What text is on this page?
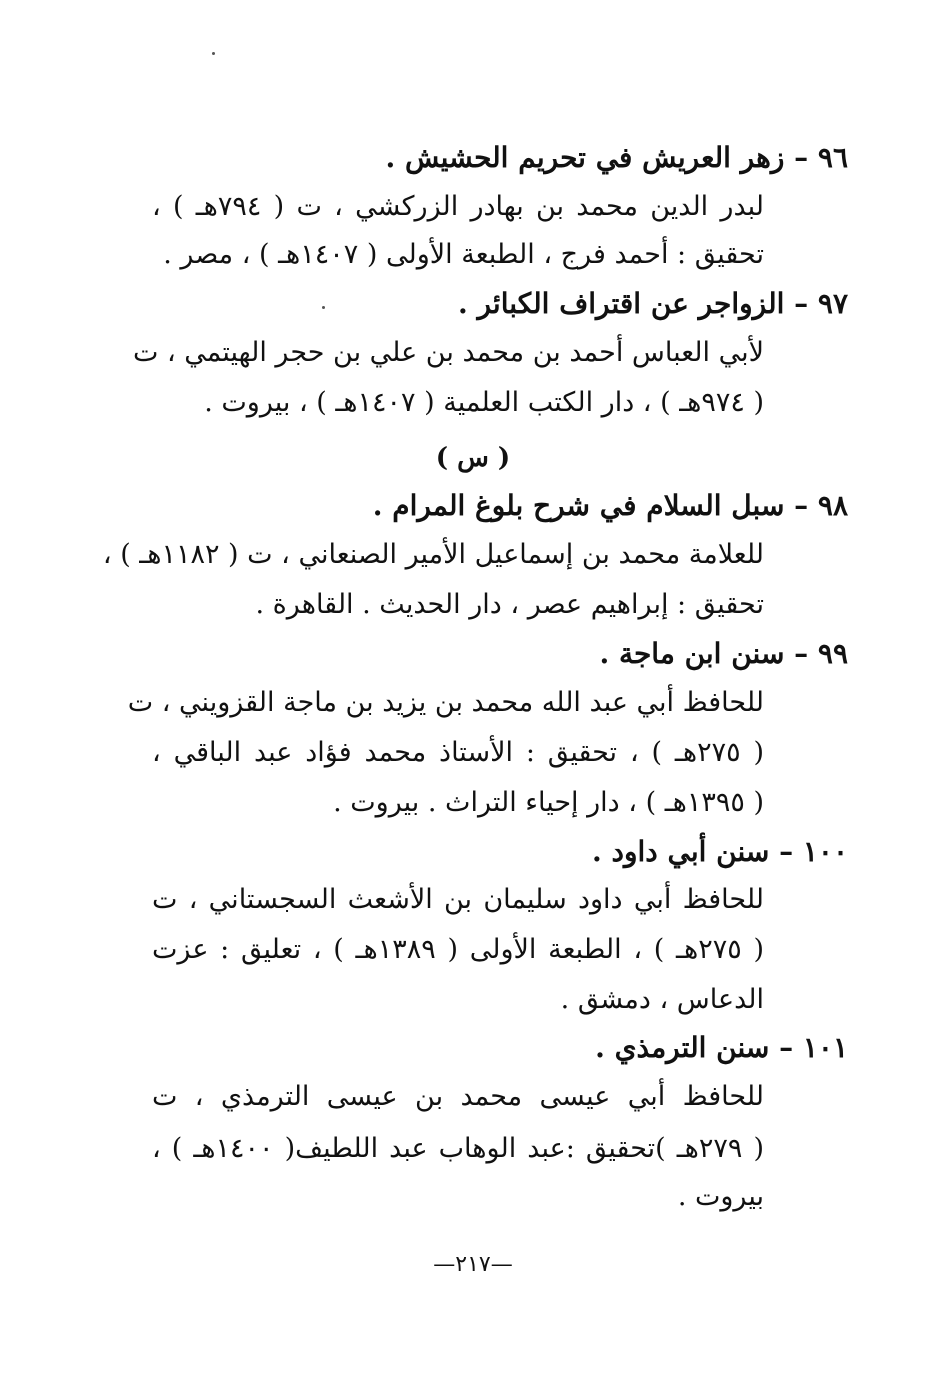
٩٦ – زهر العريش في تحريم الحشيش .
لبدر الدين محمد بن بهادر الزركشي ، ت ( ٧٩٤هـ ) ،
تحقيق : أحمد فرج ، الطبعة الأولى ( ١٤٠٧هـ ) ، مصر .
٩٧ – الزواجر عن اقتراف الكبائر .
لأبي العباس أحمد بن محمد بن علي بن حجر الهيتمي ، ت
( ٩٧٤هـ ) ، دار الكتب العلمية ( ١٤٠٧هـ ) ، بيروت .
( س )
٩٨ – سبل السلام في شرح بلوغ المرام .
للعلامة محمد بن إسماعيل الأمير الصنعاني ، ت ( ١١٨٢هـ ) ،
تحقيق : إبراهيم عصر ، دار الحديث . القاهرة .
٩٩ – سنن ابن ماجة .
للحافظ أبي عبد الله محمد بن يزيد بن ماجة القزويني ، ت
( ٢٧٥هـ ) ، تحقيق : الأستاذ محمد فؤاد عبد الباقي ،
( ١٣٩٥هـ ) ، دار إحياء التراث . بيروت .
١٠٠ – سنن أبي داود .
للحافظ أبي داود سليمان بن الأشعث السجستاني ، ت
( ٢٧٥هـ ) ، الطبعة الأولى ( ١٣٨٩هـ ) ، تعليق : عزت
الدعاس ، دمشق .
١٠١ – سنن الترمذي .
للحافظ أبي عيسى محمد بن عيسى الترمذي ، ت
( ٢٧٩هـ )تحقيق :عبد الوهاب عبد اللطيف( ١٤٠٠هـ ) ،
بيروت .
—٢١٧—
